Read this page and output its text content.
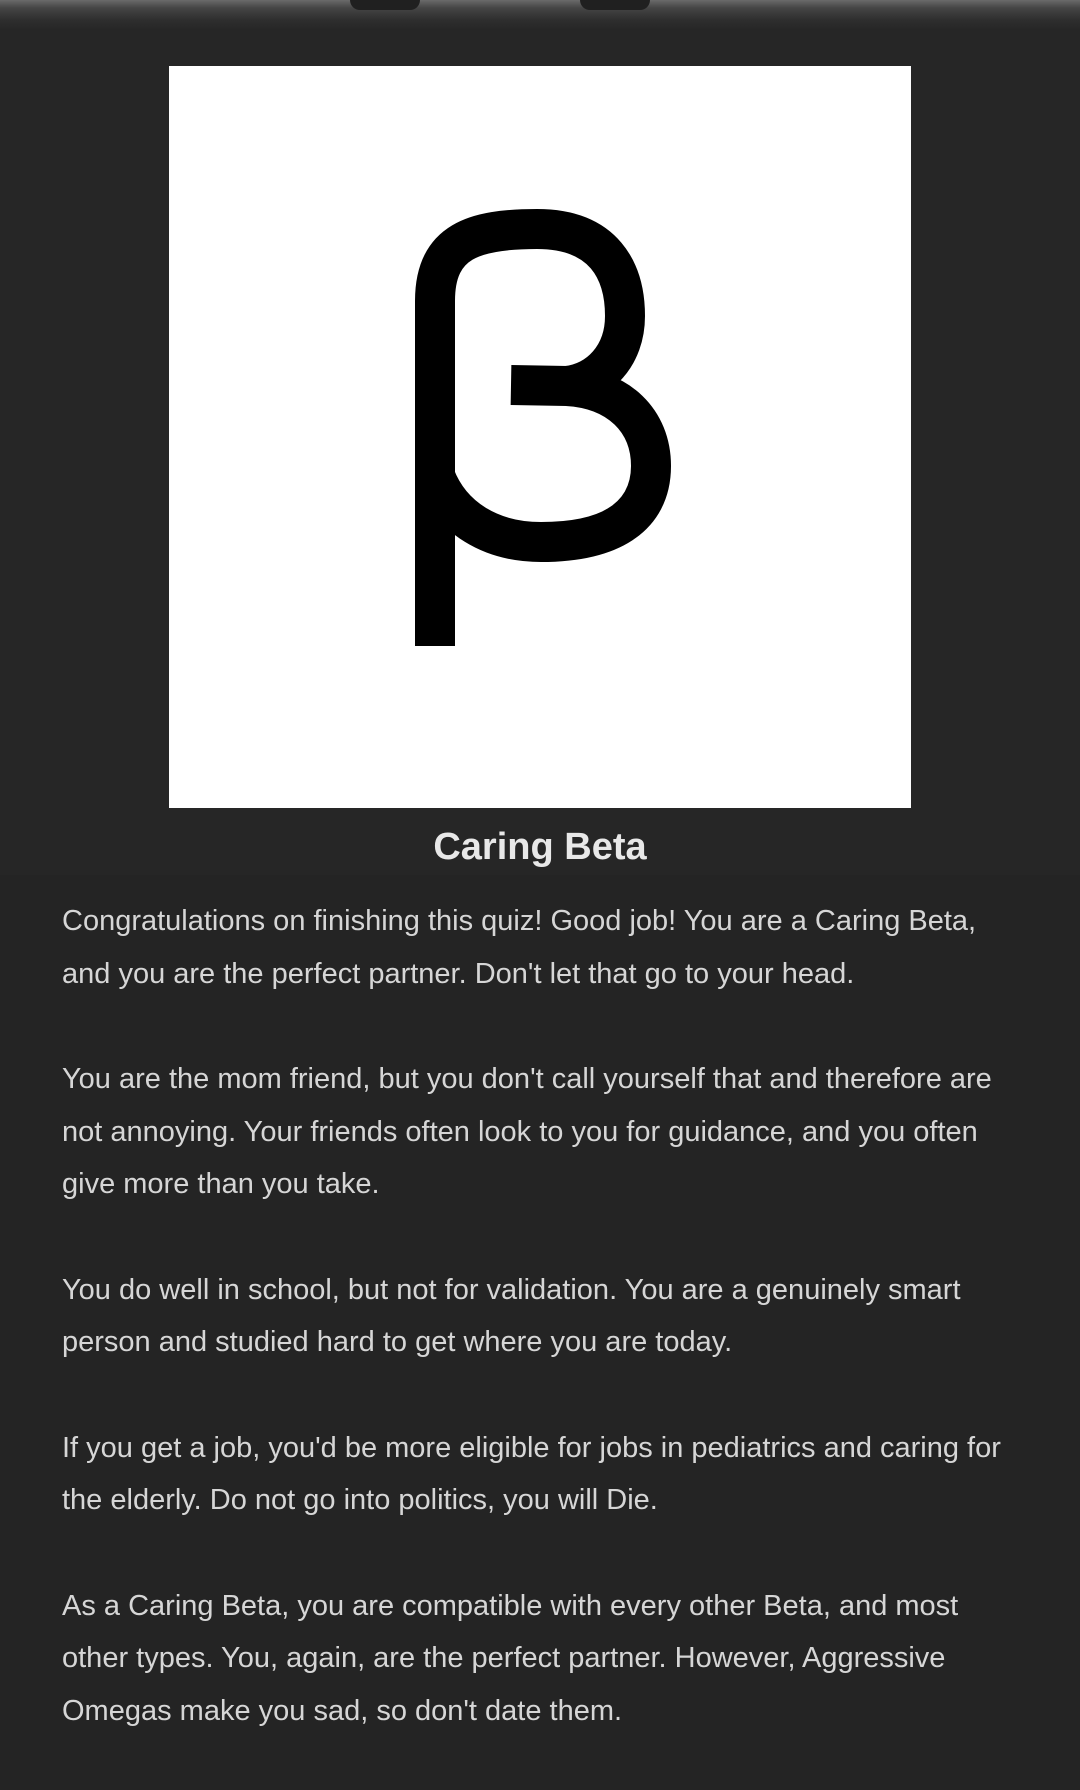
Caring Beta

Congratulations on finishing this quiz! Good job! You are a Caring Beta, and you are the perfect partner. Don't let that go to your head.

You are the mom friend, but you don't call yourself that and therefore are not annoying. Your friends often look to you for guidance, and you often give more than you take.

You do well in school, but not for validation. You are a genuinely smart person and studied hard to get where you are today.

If you get a job, you'd be more eligible for jobs in pediatrics and caring for the elderly. Do not go into politics, you will Die.

As a Caring Beta, you are compatible with every other Beta, and most other types. You, again, are the perfect partner. However, Aggressive Omegas make you sad, so don't date them.
